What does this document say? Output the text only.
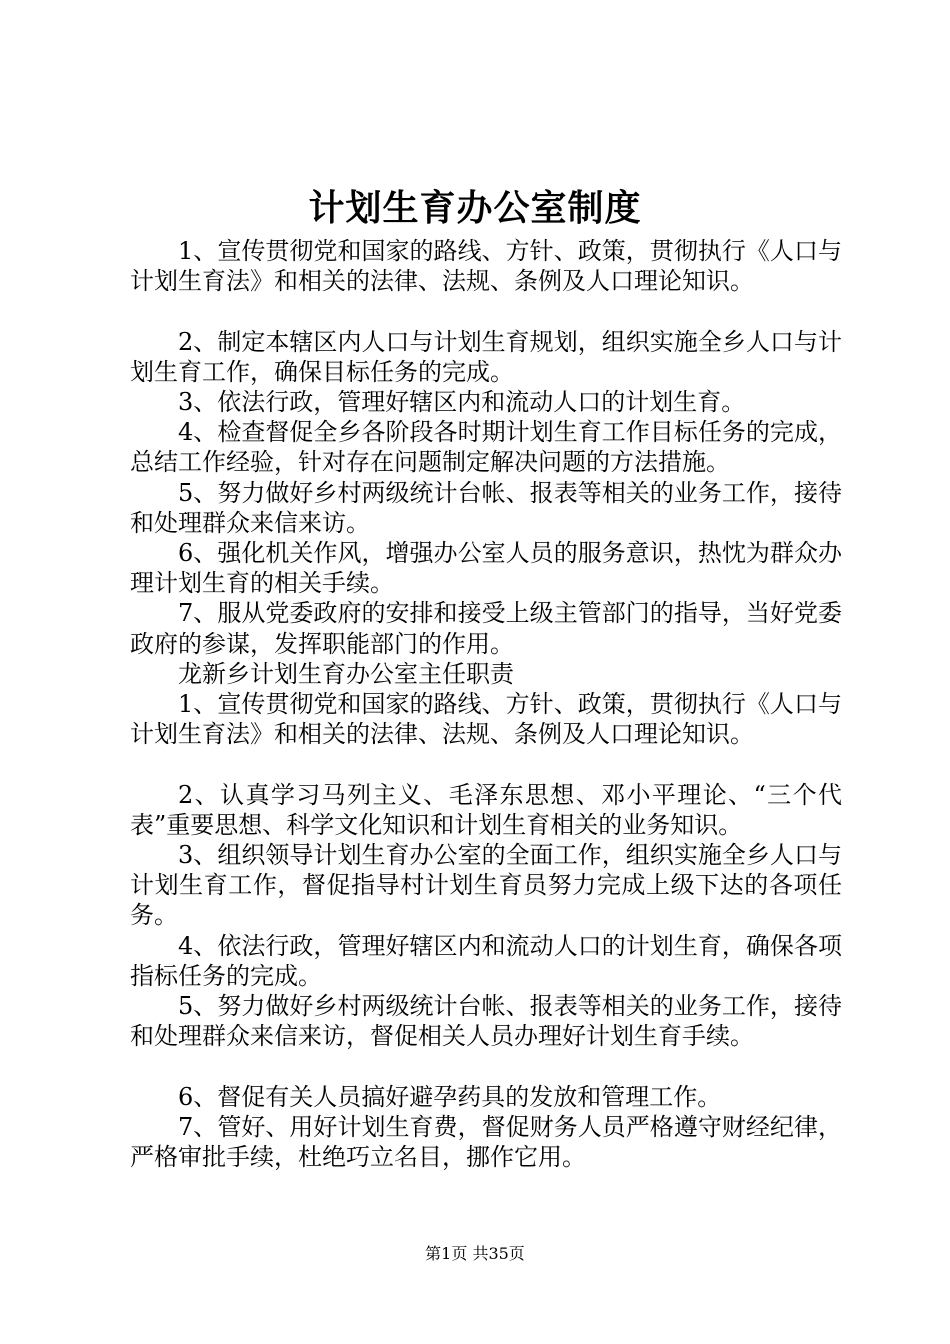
计划生育办公室制度

1、宣传贯彻党和国家的路线、方针、政策，贯彻执行《人口与计划生育法》和相关的法律、法规、条例及人口理论知识。

2、制定本辖区内人口与计划生育规划，组织实施全乡人口与计划生育工作，确保目标任务的完成。

3、依法行政，管理好辖区内和流动人口的计划生育。

4、检查督促全乡各阶段各时期计划生育工作目标任务的完成，总结工作经验，针对存在问题制定解决问题的方法措施。

5、努力做好乡村两级统计台帐、报表等相关的业务工作，接待和处理群众来信来访。

6、强化机关作风，增强办公室人员的服务意识，热忱为群众办理计划生育的相关手续。

7、服从党委政府的安排和接受上级主管部门的指导，当好党委政府的参谋，发挥职能部门的作用。

龙新乡计划生育办公室主任职责

1、宣传贯彻党和国家的路线、方针、政策，贯彻执行《人口与计划生育法》和相关的法律、法规、条例及人口理论知识。

2、认真学习马列主义、毛泽东思想、邓小平理论、“三个代表”重要思想、科学文化知识和计划生育相关的业务知识。

3、组织领导计划生育办公室的全面工作，组织实施全乡人口与计划生育工作，督促指导村计划生育员努力完成上级下达的各项任务。

4、依法行政，管理好辖区内和流动人口的计划生育，确保各项指标任务的完成。

5、努力做好乡村两级统计台帐、报表等相关的业务工作，接待和处理群众来信来访，督促相关人员办理好计划生育手续。

6、督促有关人员搞好避孕药具的发放和管理工作。

7、管好、用好计划生育费，督促财务人员严格遵守财经纪律，严格审批手续，杜绝巧立名目，挪作它用。

第1页 共35页
